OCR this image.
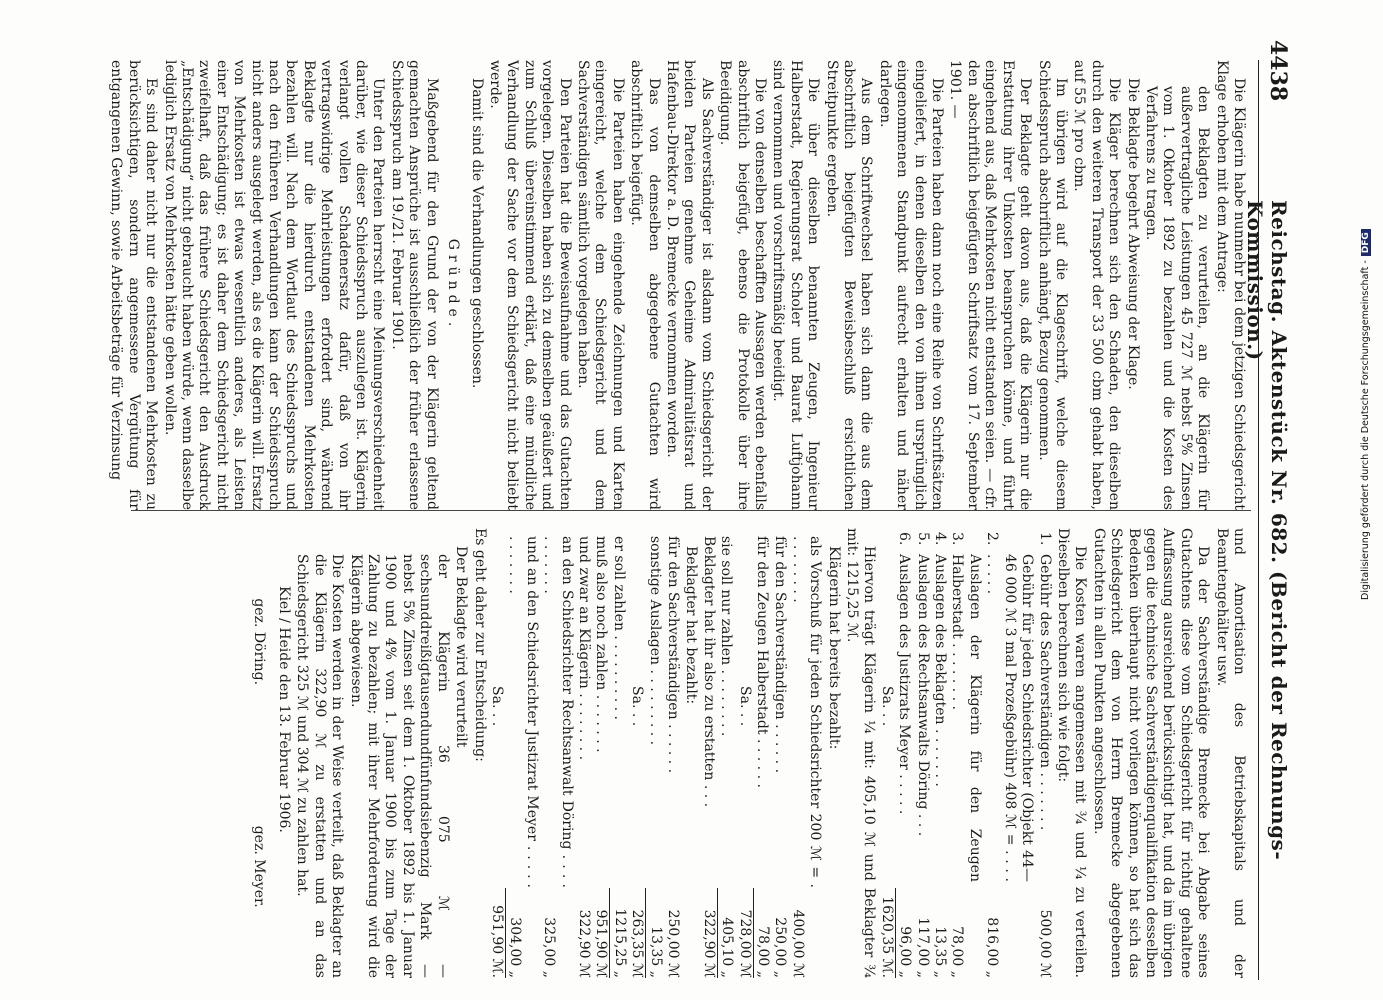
4438
Reichstag. Aktenstück Nr. 682. (Bericht der Rechnungs-Kommission.)

Die Klägerin habe nunmehr bei dem jetzigen Schiedsgericht Klage erhoben mit dem Antrage:

den Beklagten zu verurteilen, an die Klägerin für außervertragliche Leistungen 45 727 ℳ nebst 5% Zinsen vom 1. Oktober 1892 zu bezahlen und die Kosten des Verfahrens zu tragen.

Die Beklagte begehrt Abweisung der Klage.

Die Kläger berechnen sich den Schaden, den dieselben durch den weiteren Transport der 33 500 cbm gehabt haben, auf 55 ℳ pro cbm.

Im übrigen wird auf die Klageschrift, welche diesem Schiedsspruch abschriftlich anhängt, Bezug genommen.

Der Beklagte geht davon aus, daß die Klägerin nur die Erstattung ihrer Unkosten beanspruchen könne, und führt eingehend aus, daß Mehrkosten nicht entstanden seien. — cfr. den abschriftlich beigefügten Schriftsatz vom 17. September 1901. —

Die Parteien haben dann noch eine Reihe von Schriftsätzen eingeliefert, in denen dieselben den von ihnen ursprünglich eingenommenen Standpunkt aufrecht erhalten und näher darlegen.

Aus dem Schriftwechsel haben sich dann die aus dem abschriftlich beigefügten Beweisbeschluß ersichtlichen Streitpunkte ergeben.

Die über dieselben benannten Zeugen, Ingenieur Halberstadt, Regierungsrat Scholer und Baurat Luftjohann sind vernommen und vorschriftsmäßig beeidigt.

Die von denselben beschafften Aussagen werden ebenfalls abschriftlich beigefügt, ebenso die Protokolle über ihre Beeidigung.

Als Sachverständiger ist alsdann vom Schiedsgericht der beiden Parteien genehme Geheime Admiralitätsrat und Hafenbau-Direktor a. D. Bremecke vernommen worden.

Das von demselben abgegebene Gutachten wird abschriftlich beigefügt.

Die Parteien haben eingehende Zeichnungen und Karten eingereicht, welche dem Schiedsgericht und dem Sachverständigen sämtlich vorgelegen haben.

Den Parteien hat die Beweisaufnahme und das Gutachten vorgelegen. Dieselben haben sich zu demselben geäußert und zum Schluß übereinstimmend erklärt, daß eine mündliche Verhandlung der Sache vor dem Schiedsgericht nicht beliebt werde.

Damit sind die Verhandlungen geschlossen.

Gründe.

Maßgebend für den Grund der von der Klägerin geltend gemachten Ansprüche ist ausschließlich der früher erlassene Schiedsspruch am 19./21. Februar 1901.

Unter den Parteien herrscht eine Meinungsverschiedenheit darüber, wie dieser Schiedsspruch auszulegen ist. Klägerin verlangt vollen Schadenersatz dafür, daß von ihr vertragswidrige Mehrleistungen erfordert sind, während Beklagte nur die hierdurch entstandenen Mehrkosten bezahlen will. Nach dem Wortlaut des Schiedsspruchs und nach den früheren Verhandlungen kann der Schiedsspruch nicht anders ausgelegt werden, als es die Klägerin will. Ersatz von Mehrkosten ist etwas wesentlich anderes, als Leisten einer Entschädigung; es ist daher dem Schiedsgericht nicht zweifelhaft, daß das frühere Schiedsgericht den Ausdruck „Entschädigung“ nicht gebraucht haben würde, wenn dasselbe lediglich Ersatz von Mehrkosten hätte geben wollen.

Es sind daher nicht nur die entstandenen Mehrkosten zu berücksichtigen, sondern angemessene Vergütung für entgangenen Gewinn, sowie Arbeitsbeträge für Verzinsung

und Amortisation des Betriebskapitals und der Beamtengehälter usw.

Da der Sachverständige Bremecke bei Abgabe seines Gutachtens diese vom Schiedsgericht für richtig gehaltene Auffassung ausreichend berücksichtigt hat, und da im übrigen gegen die technische Sachverständigenqualifikation desselben Bedenken überhaupt nicht vorliegen können, so hat sich das Schiedsgericht dem von Herrn Bremecke abgegebenen Gutachten in allen Punkten angeschlossen.

Die Kosten waren angemessen mit ¾ und ¼ zu verteilen. Dieselben berechnen sich wie folgt:

1.
Gebühr des Sachverständigen . . . . . . .
500,00 ℳ
2.
Gebühr für jeden Schiedsrichter (Objekt 44—46 000 ℳ 3 mal Prozeßgebühr) 408 ℳ = . . . . . . . . .
816,00 „
3.
Auslagen der Klägerin für den Zeugen Halberstadt . . . . . . . .
78,00 „
4.
Auslagen des Beklagten . . . . . . .
13,35 „
5.
Auslagen des Rechtsanwalts Döring . . .
117,00 „
6.
Auslagen des Justizrats Meyer . . . . .
96,00 „
Sa. . .
1620,35 ℳ.

Hiervon trägt Klägerin ¼ mit: 405,10 ℳ und Beklagter ¾ mit: 1215,25 ℳ.

Klägerin hat bereits bezahlt:

als Vorschuß für jeden Schiedsrichter 200 ℳ = . . . . . . . . .
400,00 ℳ
für den Sachverständigen . . . . . .
250,00 „
für den Zeugen Halberstadt . . . . . .
78,00 „
Sa. . .
728,00 ℳ
sie soll nur zahlen . . . . . . . .
405,10 „
Beklagter hat ihr also zu erstatten . . .
322,90 ℳ

Beklagter hat bezahlt:

für den Sachverständigen . . . . . .
250,00 ℳ
sonstige Auslagen . . . . . . . . .
13,35 „
Sa. . .
263,35 ℳ
er soll zahlen . . . . . . . . . .
1215,25 „
muß also noch zahlen . . . . . . .
951,90 ℳ
und zwar an Klägerin . . . . . . . .
322,90 ℳ
an den Schiedsrichter Rechtsanwalt Döring . . . . . . . . . . .
325,00 „
und an den Schiedsrichter Justizrat Meyer . . . . . . . . . . . .
304,00 „
Sa. . .
951,90 ℳ.

Es geht daher zur Entscheidung:

Der Beklagte wird verurteilt

der Klägerin 36 075 ℳ — sechsunddreißigtausendundfünfundsiebenzig Mark — nebst 5% Zinsen seit dem 1. Oktober 1892 bis 1. Januar 1900 und 4% vom 1. Januar 1900 bis zum Tage der Zahlung zu bezahlen; mit ihrer Mehrforderung wird die Klägerin abgewiesen.

Die Kosten werden in der Weise verteilt, daß Beklagter an die Klägerin 322,90 ℳ zu erstatten und an das Schiedsgericht 325 ℳ und 304 ℳ zu zahlen hat.

Kiel / Heide den 13. Februar 1906.

gez. Döring.
gez. Meyer.
Digitalisierung gefördert durch die Deutsche Forschungsgemeinschaft -DFG
